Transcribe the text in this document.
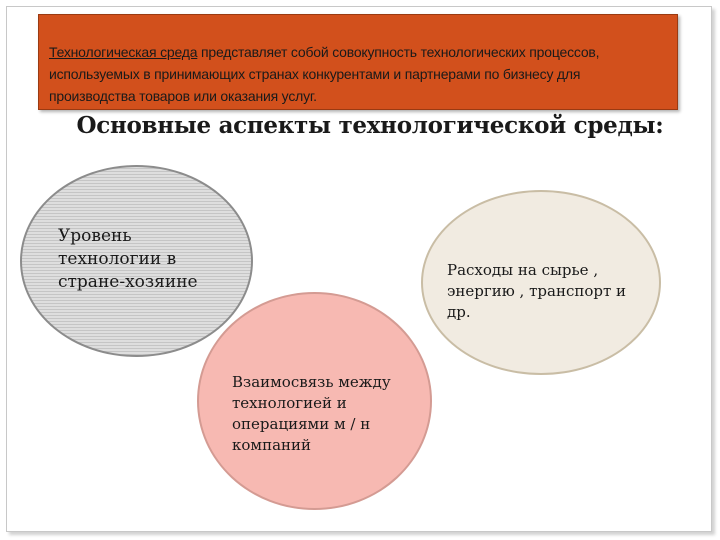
Технологическая среда представляет собой совокупность технологических процессов,
используемых в принимающих странах конкурентами и партнерами по бизнесу для
производства товаров или оказания услуг.
Основные аспекты технологической среды:
Уровень
технологии в
стране-хозяине
Расходы на сырье ,
энергию , транспорт и
др.
Взаимосвязь между
технологией и
операциями м / н
компаний
